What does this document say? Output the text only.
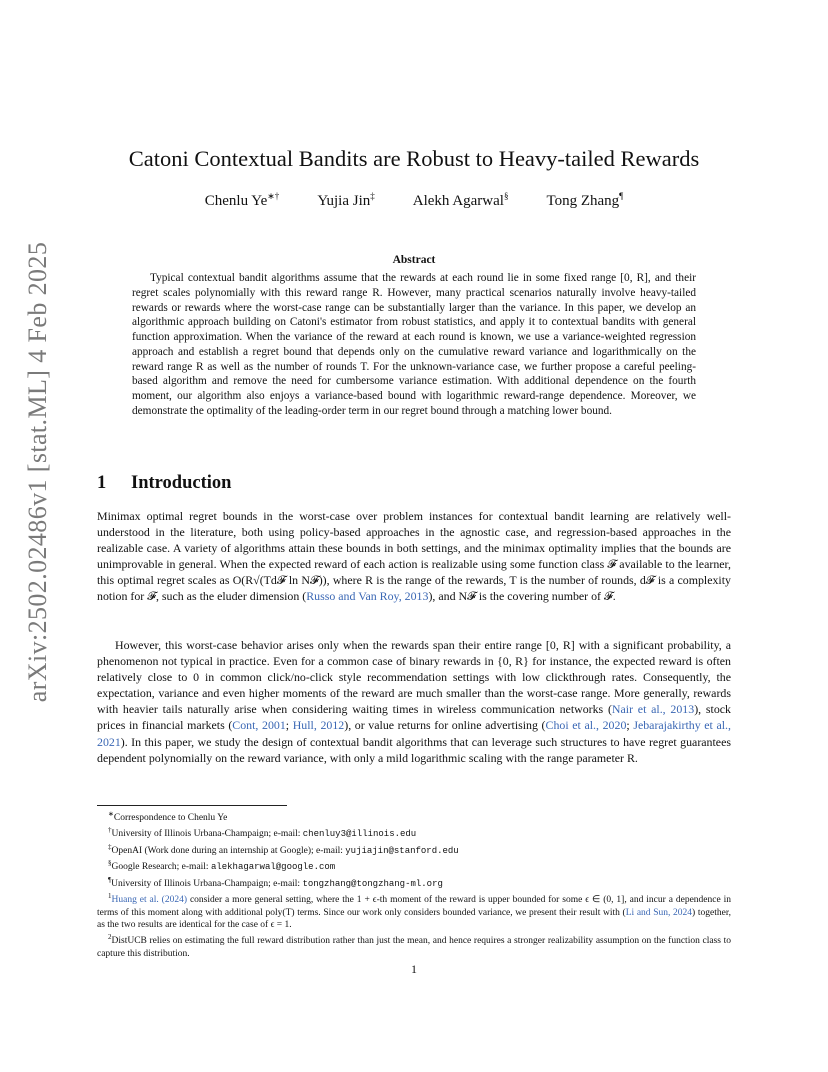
arXiv:2502.02486v1 [stat.ML] 4 Feb 2025
Catoni Contextual Bandits are Robust to Heavy-tailed Rewards
Chenlu Ye∗†	Yujia Jin‡	Alekh Agarwal§	Tong Zhang¶
Abstract

Typical contextual bandit algorithms assume that the rewards at each round lie in some fixed range [0, R], and their regret scales polynomially with this reward range R. However, many practical scenarios naturally involve heavy-tailed rewards or rewards where the worst-case range can be substantially larger than the variance. In this paper, we develop an algorithmic approach building on Catoni's estimator from robust statistics, and apply it to contextual bandits with general function approximation. When the variance of the reward at each round is known, we use a variance-weighted regression approach and establish a regret bound that depends only on the cumulative reward variance and logarithmically on the reward range R as well as the number of rounds T. For the unknown-variance case, we further propose a careful peeling-based algorithm and remove the need for cumbersome variance estimation. With additional dependence on the fourth moment, our algorithm also enjoys a variance-based bound with logarithmic reward-range dependence. Moreover, we demonstrate the optimality of the leading-order term in our regret bound through a matching lower bound.

1 Introduction

Minimax optimal regret bounds in the worst-case over problem instances for contextual bandit learning are relatively well-understood in the literature, both using policy-based approaches in the agnostic case, and regression-based approaches in the realizable case. A variety of algorithms attain these bounds in both settings, and the minimax optimality implies that the bounds are unimprovable in general. When the expected reward of each action is realizable using some function class 𝓕 available to the learner, this optimal regret scales as O(R√(Td𝓕 ln N𝓕)), where R is the range of the rewards, T is the number of rounds, d𝓕 is a complexity notion for 𝓕, such as the eluder dimension (Russo and Van Roy, 2013), and N𝓕 is the covering number of 𝓕.

However, this worst-case behavior arises only when the rewards span their entire range [0, R] with a significant probability, a phenomenon not typical in practice. Even for a common case of binary rewards in {0, R} for instance, the expected reward is often relatively close to 0 in common click/no-click style recommendation settings with low clickthrough rates. Consequently, the expectation, variance and even higher moments of the reward are much smaller than the worst-case range. More generally, rewards with heavier tails naturally arise when considering waiting times in wireless communication networks (Nair et al., 2013), stock prices in financial markets (Cont, 2001; Hull, 2012), or value returns for online advertising (Choi et al., 2020; Jebarajakirthy et al., 2021). In this paper, we study the design of contextual bandit algorithms that can leverage such structures to have regret guarantees dependent polynomially on the reward variance, with only a mild logarithmic scaling with the range parameter R.

∗Correspondence to Chenlu Ye

†University of Illinois Urbana-Champaign; e-mail: chenluy3@illinois.edu

‡OpenAI (Work done during an internship at Google); e-mail: yujiajin@stanford.edu

§Google Research; e-mail: alekhagarwal@google.com

¶University of Illinois Urbana-Champaign; e-mail: tongzhang@tongzhang-ml.org

$^1$Huang et al. (2024) consider a more general setting, where the 1 + ϵ-th moment of the reward is upper bounded for some ϵ ∈ (0, 1], and incur a dependence in terms of this moment along with additional poly(T) terms. Since our work only considers bounded variance, we present their result with (Li and Sun, 2024) together, as the two results are identical for the case of ϵ = 1.

$^2$DistUCB relies on estimating the full reward distribution rather than just the mean, and hence requires a stronger realizability assumption on the function class to capture this distribution.

1
